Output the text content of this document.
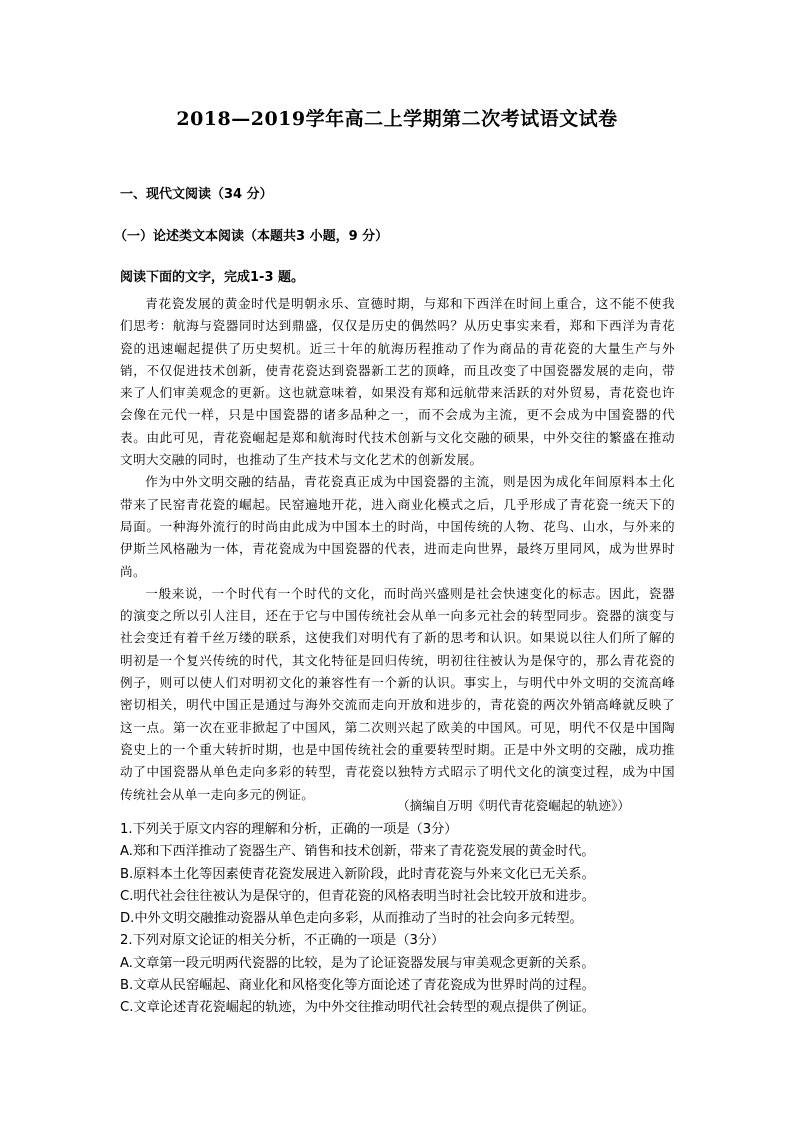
2018—2019学年高二上学期第二次考试语文试卷
一、现代文阅读（34 分）
（一）论述类文本阅读（本题共3 小题，9 分）
阅读下面的文字，完成1-3 题。

青花瓷发展的黄金时代是明朝永乐、宣德时期，与郑和下西洋在时间上重合，这不能不使我们思考：航海与瓷器同时达到鼎盛，仅仅是历史的偶然吗？从历史事实来看，郑和下西洋为青花瓷的迅速崛起提供了历史契机。近三十年的航海历程推动了作为商品的青花瓷的大量生产与外销，不仅促进技术创新，使青花瓷达到瓷器新工艺的顶峰，而且改变了中国瓷器发展的走向，带来了人们审美观念的更新。这也就意味着，如果没有郑和远航带来活跃的对外贸易，青花瓷也许会像在元代一样，只是中国瓷器的诸多品种之一，而不会成为主流，更不会成为中国瓷器的代表。由此可见，青花瓷崛起是郑和航海时代技术创新与文化交融的硕果，中外交往的繁盛在推动文明大交融的同时，也推动了生产技术与文化艺术的创新发展。

作为中外文明交融的结晶，青花瓷真正成为中国瓷器的主流，则是因为成化年间原料本土化带来了民窑青花瓷的崛起。民窑遍地开花，进入商业化模式之后，几乎形成了青花瓷一统天下的局面。一种海外流行的时尚由此成为中国本土的时尚，中国传统的人物、花鸟、山水，与外来的伊斯兰风格融为一体，青花瓷成为中国瓷器的代表，进而走向世界，最终万里同风，成为世界时尚。

一般来说，一个时代有一个时代的文化，而时尚兴盛则是社会快速变化的标志。因此，瓷器的演变之所以引人注目，还在于它与中国传统社会从单一向多元社会的转型同步。瓷器的演变与社会变迁有着千丝万缕的联系，这使我们对明代有了新的思考和认识。如果说以往人们所了解的明初是一个复兴传统的时代，其文化特征是回归传统，明初往往被认为是保守的，那么青花瓷的例子，则可以使人们对明初文化的兼容性有一个新的认识。事实上，与明代中外文明的交流高峰密切相关，明代中国正是通过与海外交流而走向开放和进步的，青花瓷的两次外销高峰就反映了这一点。第一次在亚非掀起了中国风，第二次则兴起了欧美的中国风。可见，明代不仅是中国陶瓷史上的一个重大转折时期，也是中国传统社会的重要转型时期。正是中外文明的交融，成功推动了中国瓷器从单色走向多彩的转型，青花瓷以独特方式昭示了明代文化的演变过程，成为中国传统社会从单一走向多元的例证。

（摘编自万明《明代青花瓷崛起的轨迹》）
1.下列关于原文内容的理解和分析，正确的一项是（3分）
A.郑和下西洋推动了瓷器生产、销售和技术创新，带来了青花瓷发展的黄金时代。
B.原料本土化等因素使青花瓷发展进入新阶段，此时青花瓷与外来文化已无关系。
C.明代社会往往被认为是保守的，但青花瓷的风格表明当时社会比较开放和进步。
D.中外文明交融推动瓷器从单色走向多彩，从而推动了当时的社会向多元转型。
2.下列对原文论证的相关分析，不正确的一项是（3分）
A.文章第一段元明两代瓷器的比较，是为了论证瓷器发展与审美观念更新的关系。
B.文章从民窑崛起、商业化和风格变化等方面论述了青花瓷成为世界时尚的过程。
C.文章论述青花瓷崛起的轨迹，为中外交往推动明代社会转型的观点提供了例证。
